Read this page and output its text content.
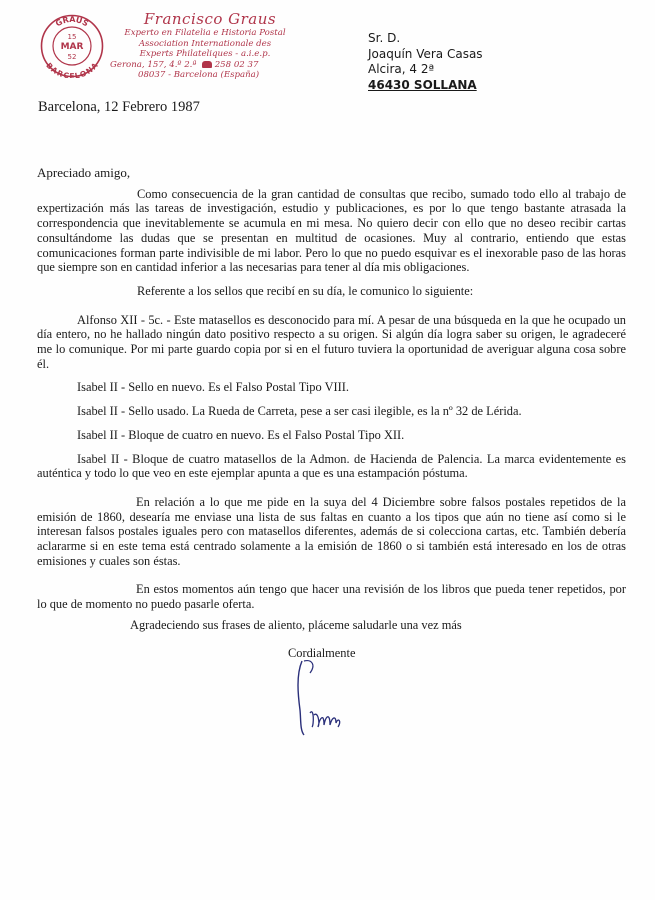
GRAUS
BARCELONA
15
MAR
52
Francisco Graus
Experto en Filatelia e Historia Postal
Association Internationale des
Experts Philateliques - a.i.e.p.
Gerona, 157, 4.º 2.ª 258 02 37
08037 - Barcelona (España)
Sr. D.
Joaquín Vera Casas
Alcira, 4 2ª
46430 SOLLANA
Barcelona, 12 Febrero 1987

Apreciado amigo,

Como consecuencia de la gran cantidad de consultas que recibo, sumado todo ello al trabajo de expertización más las tareas de investigación, estudio y publicaciones, es por lo que tengo bastante atrasada la correspondencia que inevitablemente se acumula en mi mesa. No quiero decir con ello que no deseo recibir cartas consultándome las dudas que se presentan en multitud de ocasiones. Muy al contrario, entiendo que estas comunicaciones forman parte indivisible de mi labor. Pero lo que no puedo esquivar es el inexorable paso de las horas que siempre son en cantidad inferior a las necesarias para tener al día mis obligaciones.

Referente a los sellos que recibí en su día, le comunico lo siguiente:

Alfonso XII - 5c. - Este matasellos es desconocido para mí. A pesar de una búsqueda en la que he ocupado un día entero, no he hallado ningún dato positivo respecto a su origen. Si algún día logra saber su origen, le agradeceré me lo comunique. Por mi parte guardo copia por si en el futuro tuviera la oportunidad de averiguar alguna cosa sobre él.

Isabel II - Sello en nuevo. Es el Falso Postal Tipo VIII.

Isabel II - Sello usado. La Rueda de Carreta, pese a ser casi ilegible, es la nº 32 de Lérida.

Isabel II - Bloque de cuatro en nuevo. Es el Falso Postal Tipo XII.

Isabel II - Bloque de cuatro matasellos de la Admon. de Hacienda de Palencia. La marca evidentemente es auténtica y todo lo que veo en este ejemplar apunta a que es una estampación póstuma.

En relación a lo que me pide en la suya del 4 Diciembre sobre falsos postales repetidos de la emisión de 1860, desearía me enviase una lista de sus faltas en cuanto a los tipos que aún no tiene así como si le interesan falsos postales iguales pero con matasellos diferentes, además de si colecciona cartas, etc. También debería aclararme si en este tema está centrado solamente a la emisión de 1860 o si también está interesado en los de otras emisiones y cuales son éstas.

En estos momentos aún tengo que hacer una revisión de los libros que pueda tener repetidos, por lo que de momento no puedo pasarle oferta.

Agradeciendo sus frases de aliento, pláceme saludarle una vez más
Cordialmente
